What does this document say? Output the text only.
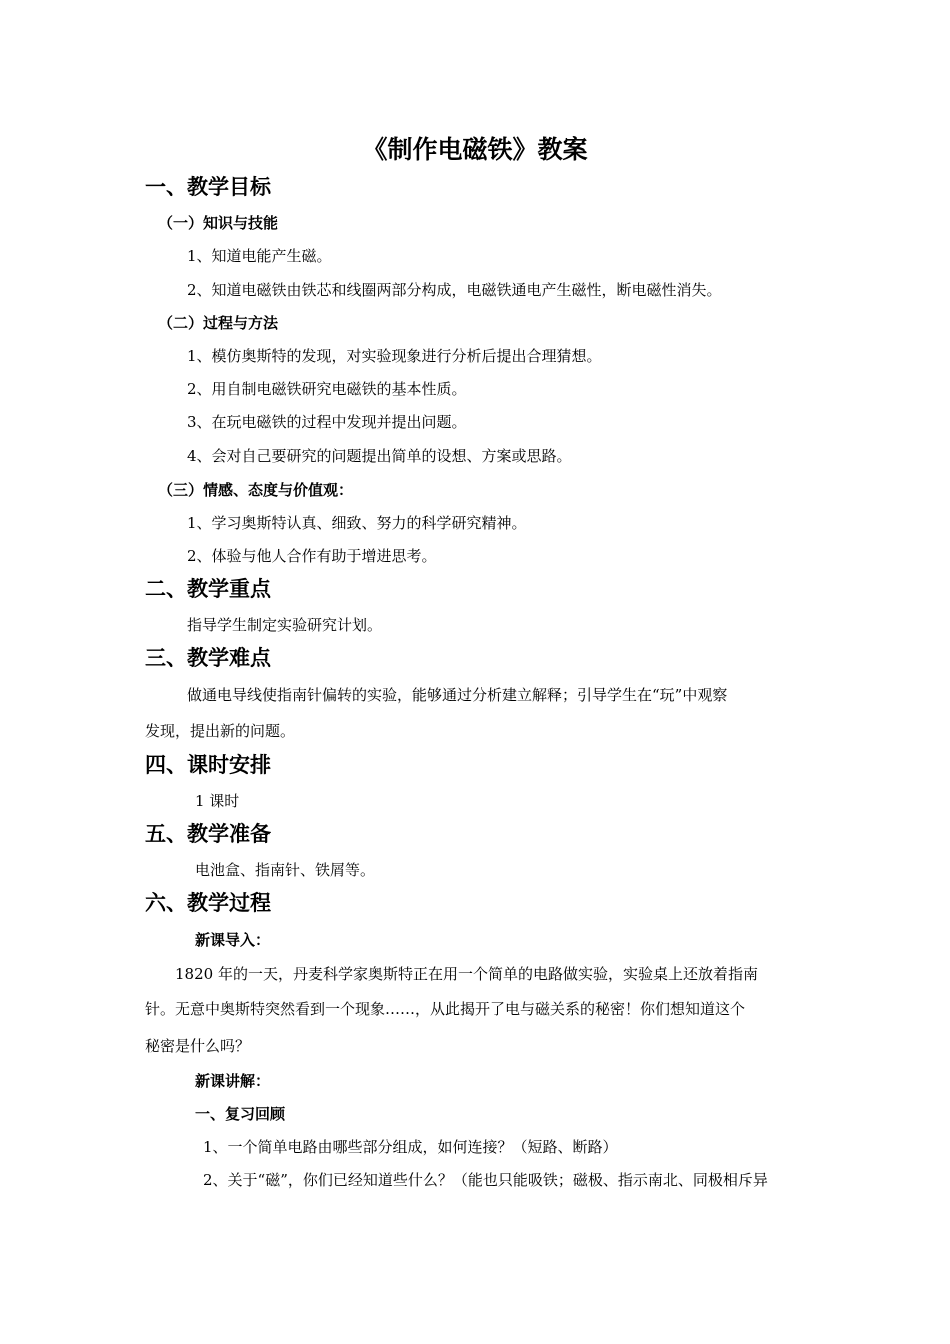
《制作电磁铁》教案
一、教学目标
（一）知识与技能
1、知道电能产生磁。
2、知道电磁铁由铁芯和线圈两部分构成，电磁铁通电产生磁性，断电磁性消失。
（二）过程与方法
1、模仿奥斯特的发现，对实验现象进行分析后提出合理猜想。
2、用自制电磁铁研究电磁铁的基本性质。
3、在玩电磁铁的过程中发现并提出问题。
4、会对自己要研究的问题提出简单的设想、方案或思路。
（三）情感、态度与价值观：
1、学习奥斯特认真、细致、努力的科学研究精神。
2、体验与他人合作有助于增进思考。
二、教学重点
指导学生制定实验研究计划。
三、教学难点
做通电导线使指南针偏转的实验，能够通过分析建立解释；引导学生在“玩”中观察
发现，提出新的问题。
四、课时安排
1 课时
五、教学准备
电池盒、指南针、铁屑等。
六、教学过程
新课导入：
1820 年的一天，丹麦科学家奥斯特正在用一个简单的电路做实验，实验桌上还放着指南
针。无意中奥斯特突然看到一个现象……，从此揭开了电与磁关系的秘密！你们想知道这个
秘密是什么吗？
新课讲解：
一、复习回顾
1、一个简单电路由哪些部分组成，如何连接？（短路、断路）
2、关于“磁”，你们已经知道些什么？（能也只能吸铁；磁极、指示南北、同极相斥异
